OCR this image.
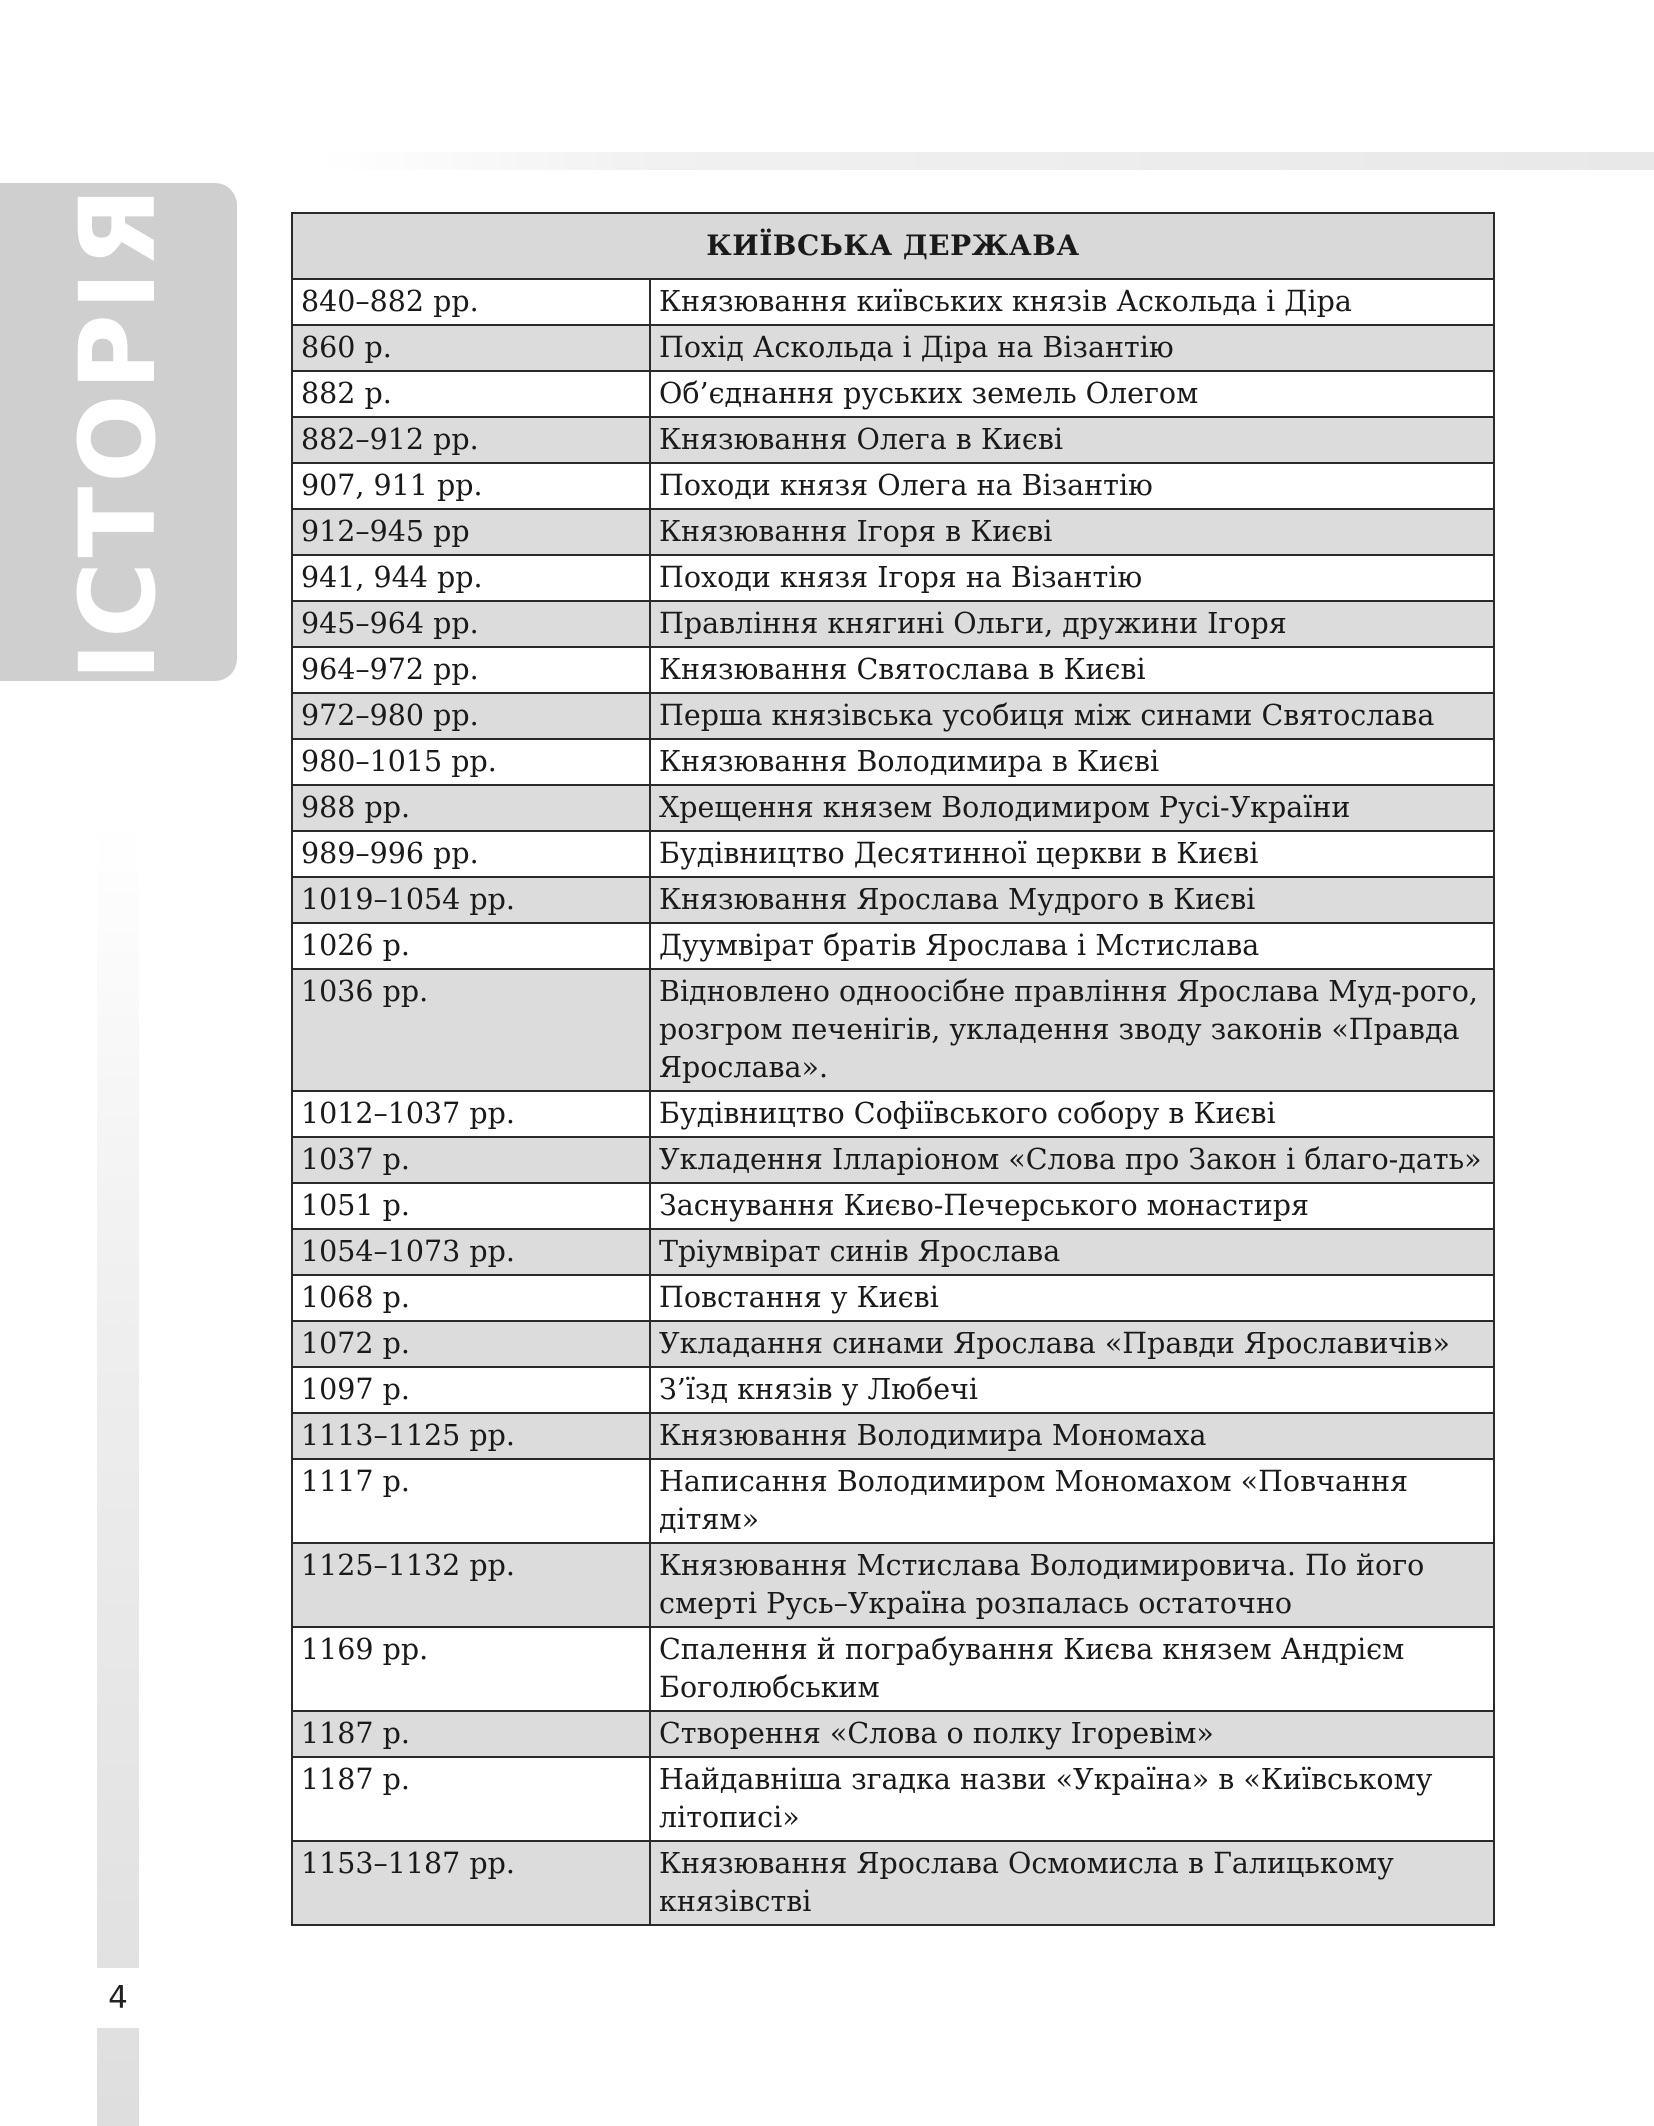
ІСТОРІЯ
4
КИЇВСЬКА ДЕРЖАВА	
840–882 рр.	Князювання київських князів Аскольда і Діра
860 р.	Похід Аскольда і Діра на Візантію
882 р.	Об’єднання руських земель Олегом
882–912 рр.	Князювання Олега в Києві
907, 911 рр.	Походи князя Олега на Візантію
912–945 рр	Князювання Ігоря в Києві
941, 944 рр.	Походи князя Ігоря на Візантію
945–964 рр.	Правління княгині Ольги, дружини Ігоря
964–972 рр.	Князювання Святослава в Києві
972–980 рр.	Перша князівська усобиця між синами Святослава
980–1015 рр.	Князювання Володимира в Києві
988 рр.	Хрещення князем Володимиром Русі-України
989–996 рр.	Будівництво Десятинної церкви в Києві
1019–1054 рр.	Князювання Ярослава Мудрого в Києві
1026 р.	Дуумвірат братів Ярослава і Мстислава
1036 рр.	Відновлено одноосібне правління Ярослава Муд-рого, розгром печенігів, укладення зводу законів «Правда Ярослава».
1012–1037 рр.	Будівництво Софіївського собору в Києві
1037 р.	Укладення Ілларіоном «Слова про Закон і благо-дать»
1051 р.	Заснування Києво-Печерського монастиря
1054–1073 рр.	Тріумвірат синів Ярослава
1068 р.	Повстання у Києві
1072 р.	Укладання синами Ярослава «Правди Ярославичів»
1097 р.	З’їзд князів у Любечі
1113–1125 рр.	Князювання Володимира Мономаха
1117 р.	Написання Володимиром Мономахом «Повчання дітям»
1125–1132 рр.	Князювання Мстислава Володимировича. По його смерті Русь–Україна розпалась остаточно
1169 рр.	Спалення й пограбування Києва князем Андрієм Боголюбським
1187 р.	Створення «Слова о полку Ігоревім»
1187 р.	Найдавніша згадка назви «Україна» в «Київському літописі»
1153–1187 рр.	Князювання Ярослава Осмомисла в Галицькому князівстві
